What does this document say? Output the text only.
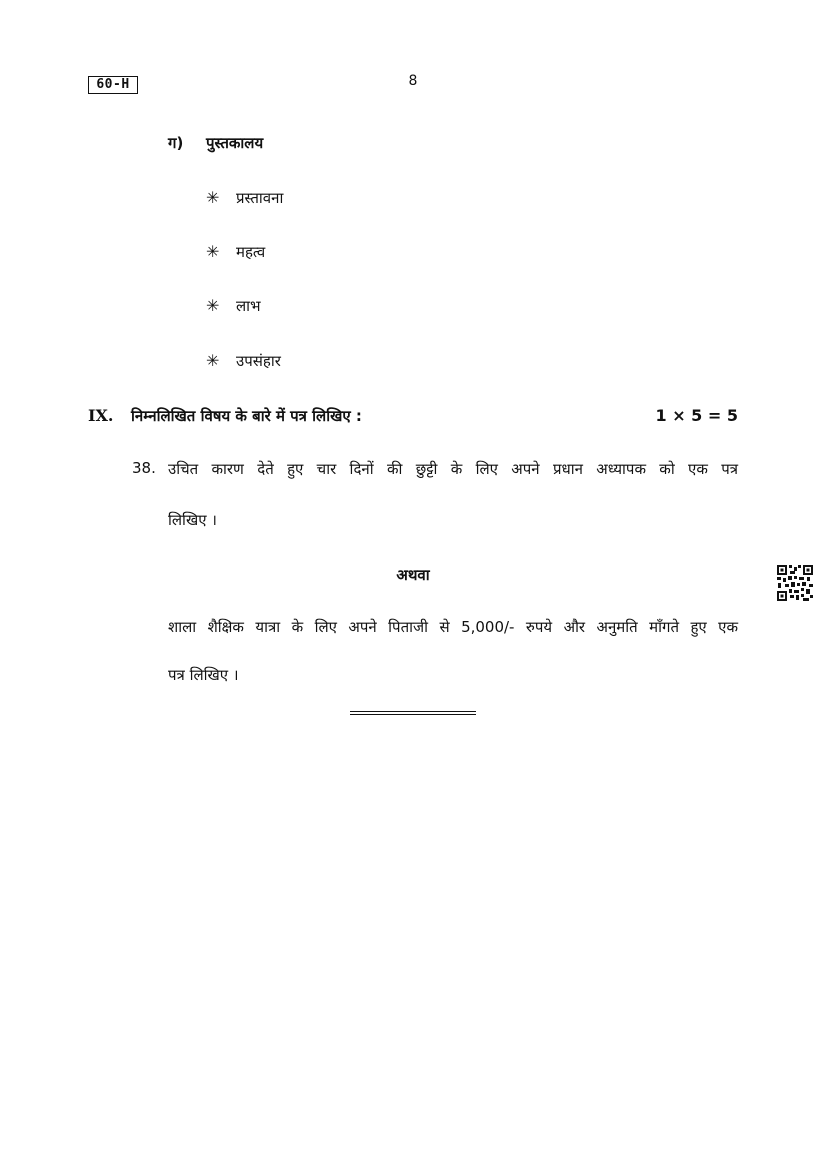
60-H	8
ग) पुस्तकालय
✳ प्रस्तावना
✳ महत्व
✳ लाभ
✳ उपसंहार
IX. निम्नलिखित विषय के बारे में पत्र लिखिए :	1 × 5 = 5
38. उचित कारण देते हुए चार दिनों की छुट्टी के लिए अपने प्रधान अध्यापक को एक पत्र
लिखिए ।
अथवा
शाला शैक्षिक यात्रा के लिए अपने पिताजी से 5,000/- रुपये और अनुमति माँगते हुए एक
पत्र लिखिए ।
